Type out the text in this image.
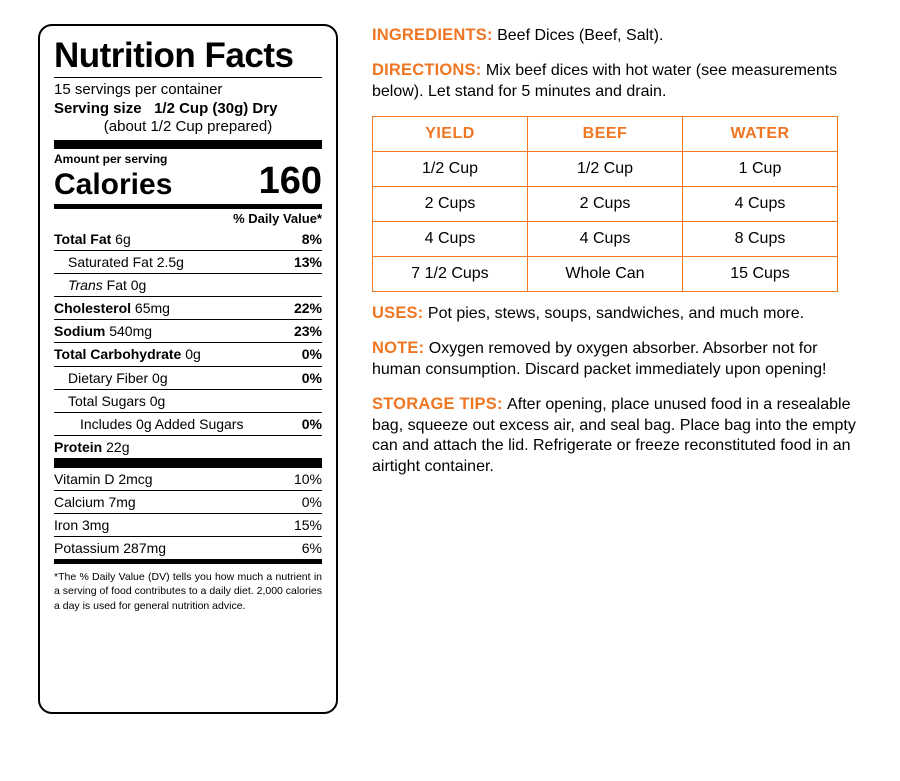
Nutrition Facts
15 servings per container
Serving size 1/2 Cup (30g) Dry
(about 1/2 Cup prepared)
Amount per serving
Calories 160
% Daily Value*
Total Fat 6g	8%
Saturated Fat 2.5g	13%
Trans Fat 0g
Cholesterol 65mg	22%
Sodium 540mg	23%
Total Carbohydrate 0g	0%
Dietary Fiber 0g	0%
Total Sugars 0g
Includes 0g Added Sugars	0%
Protein 22g
Vitamin D 2mcg	10%
Calcium 7mg	0%
Iron 3mg	15%
Potassium 287mg	6%
*The % Daily Value (DV) tells you how much a nutrient in a serving of food contributes to a daily diet. 2,000 calories a day is used for general nutrition advice.
INGREDIENTS: Beef Dices (Beef, Salt).
DIRECTIONS: Mix beef dices with hot water (see measurements below). Let stand for 5 minutes and drain.
YIELD	BEEF	WATER
1/2 Cup	1/2 Cup	1 Cup
2 Cups	2 Cups	4 Cups
4 Cups	4 Cups	8 Cups
7 1/2 Cups	Whole Can	15 Cups
USES: Pot pies, stews, soups, sandwiches, and much more.
NOTE: Oxygen removed by oxygen absorber. Absorber not for human consumption. Discard packet immediately upon opening!
STORAGE TIPS: After opening, place unused food in a resealable bag, squeeze out excess air, and seal bag. Place bag into the empty can and attach the lid. Refrigerate or freeze reconstituted food in an airtight container.
